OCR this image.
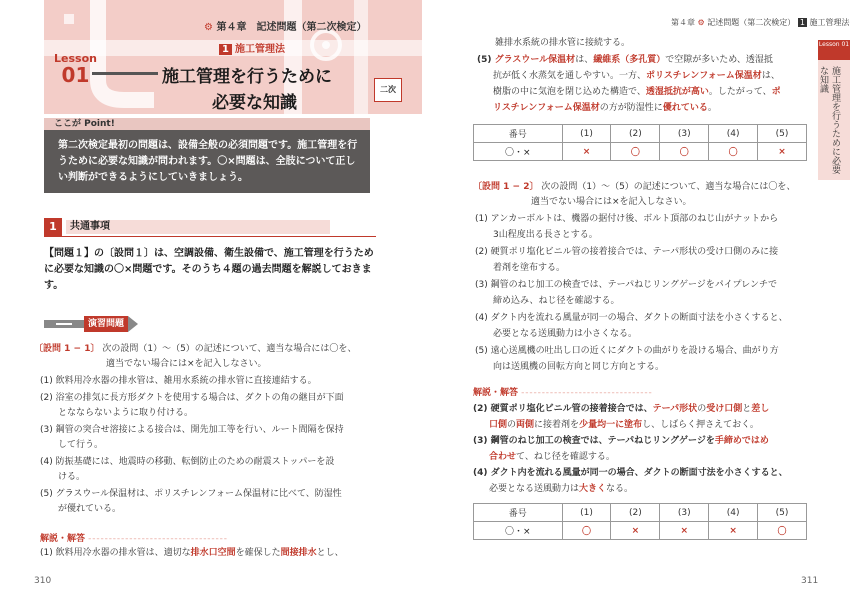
⚙ 第４章　記述問題（第二次検定）
1 施工管理法
Lesson
01	施工管理を行うために
必要な知識
二次
ここが Point!
第二次検定最初の問題は、設備全般の必須問題です。施工管理を行うために必要な知識が問われます。〇×問題は、全肢について正しい判断ができるようにしていきましょう。
1	共通事項
【問題１】の〔設問１〕は、空調設備、衛生設備で、施工管理を行うために必要な知識の〇×問題です。そのうち４題の過去問題を解説しておきます。
演習問題
〔設問 1 − 1〕 次の設問（1）～（5）の記述について、適当な場合には〇を、
適当でない場合には×を記入しなさい。
(1) 飲料用冷水器の排水管は、雑用水系統の排水管に直接連結する。
(2) 浴室の排気に長方形ダクトを使用する場合は、ダクトの角の継目が下面
　　となならないように取り付ける。
(3) 鋼管の突合せ溶接による接合は、開先加工等を行い、ルート間隔を保持
　　して行う。
(4) 防振基礎には、地震時の移動、転倒防止のための耐震ストッパーを設
　　ける。
(5) グラスウール保温材は、ポリスチレンフォーム保温材に比べて、防湿性
　　が優れている。
解説・解答 - - - - - - - - - - - - - - - - - - - - - - - - - - - - - - - - - -
(1) 飲料用冷水器の排水管は、適切な排水口空間を確保した間接排水とし、
310
第４章 ⚙ 記述問題（第二次検定） 1 施工管理法
Lesson 01
施工管理を行うために必要な知識
雑排水系統の排水管に接続する。
(5) グラスウール保温材は、繊維系（多孔質）で空隙が多いため、透湿抵
抗が低く水蒸気を通しやすい。一方、ポリスチレンフォーム保温材は、
樹脂の中に気泡を閉じ込めた構造で、透湿抵抗が高い。したがって、ポ
リスチレンフォーム保温材の方が防湿性に優れている。
番号	(1)	(2)	(3)	(4)	(5)
〇・×	×	〇	〇	〇	×
〔設問 1 − 2〕 次の設問（1）～（5）の記述について、適当な場合には〇を、
適当でない場合には×を記入しなさい。
(1) アンカーボルトは、機器の据付け後、ボルト頂部のねじ山がナットから
　　3山程度出る長さとする。
(2) 硬質ポリ塩化ビニル管の接着接合では、テーパ形状の受け口側のみに接
　　着剤を塗布する。
(3) 鋼管のねじ加工の検査では、テーパねじリングゲージをパイプレンチで
　　締め込み、ねじ径を確認する。
(4) ダクト内を流れる風量が同一の場合、ダクトの断面寸法を小さくすると、
　　必要となる送風動力は小さくなる。
(5) 遠心送風機の吐出し口の近くにダクトの曲がりを設ける場合、曲がり方
　　向は送風機の回転方向と同じ方向とする。
解説・解答 - - - - - - - - - - - - - - - - - - - - - - - - - - - - - - - -
(2) 硬質ポリ塩化ビニル管の接着接合では、テーパ形状の受け口側と差し
口側の両側に接着剤を少量均一に塗布し、しばらく押さえておく。
(3) 鋼管のねじ加工の検査では、テーパねじリングゲージを手締めではめ
合わせて、ねじ径を確認する。
(4) ダクト内を流れる風量が同一の場合、ダクトの断面寸法を小さくすると、
必要となる送風動力は大きくなる。
番号	(1)	(2)	(3)	(4)	(5)
〇・×	〇	×	×	×	〇
311
